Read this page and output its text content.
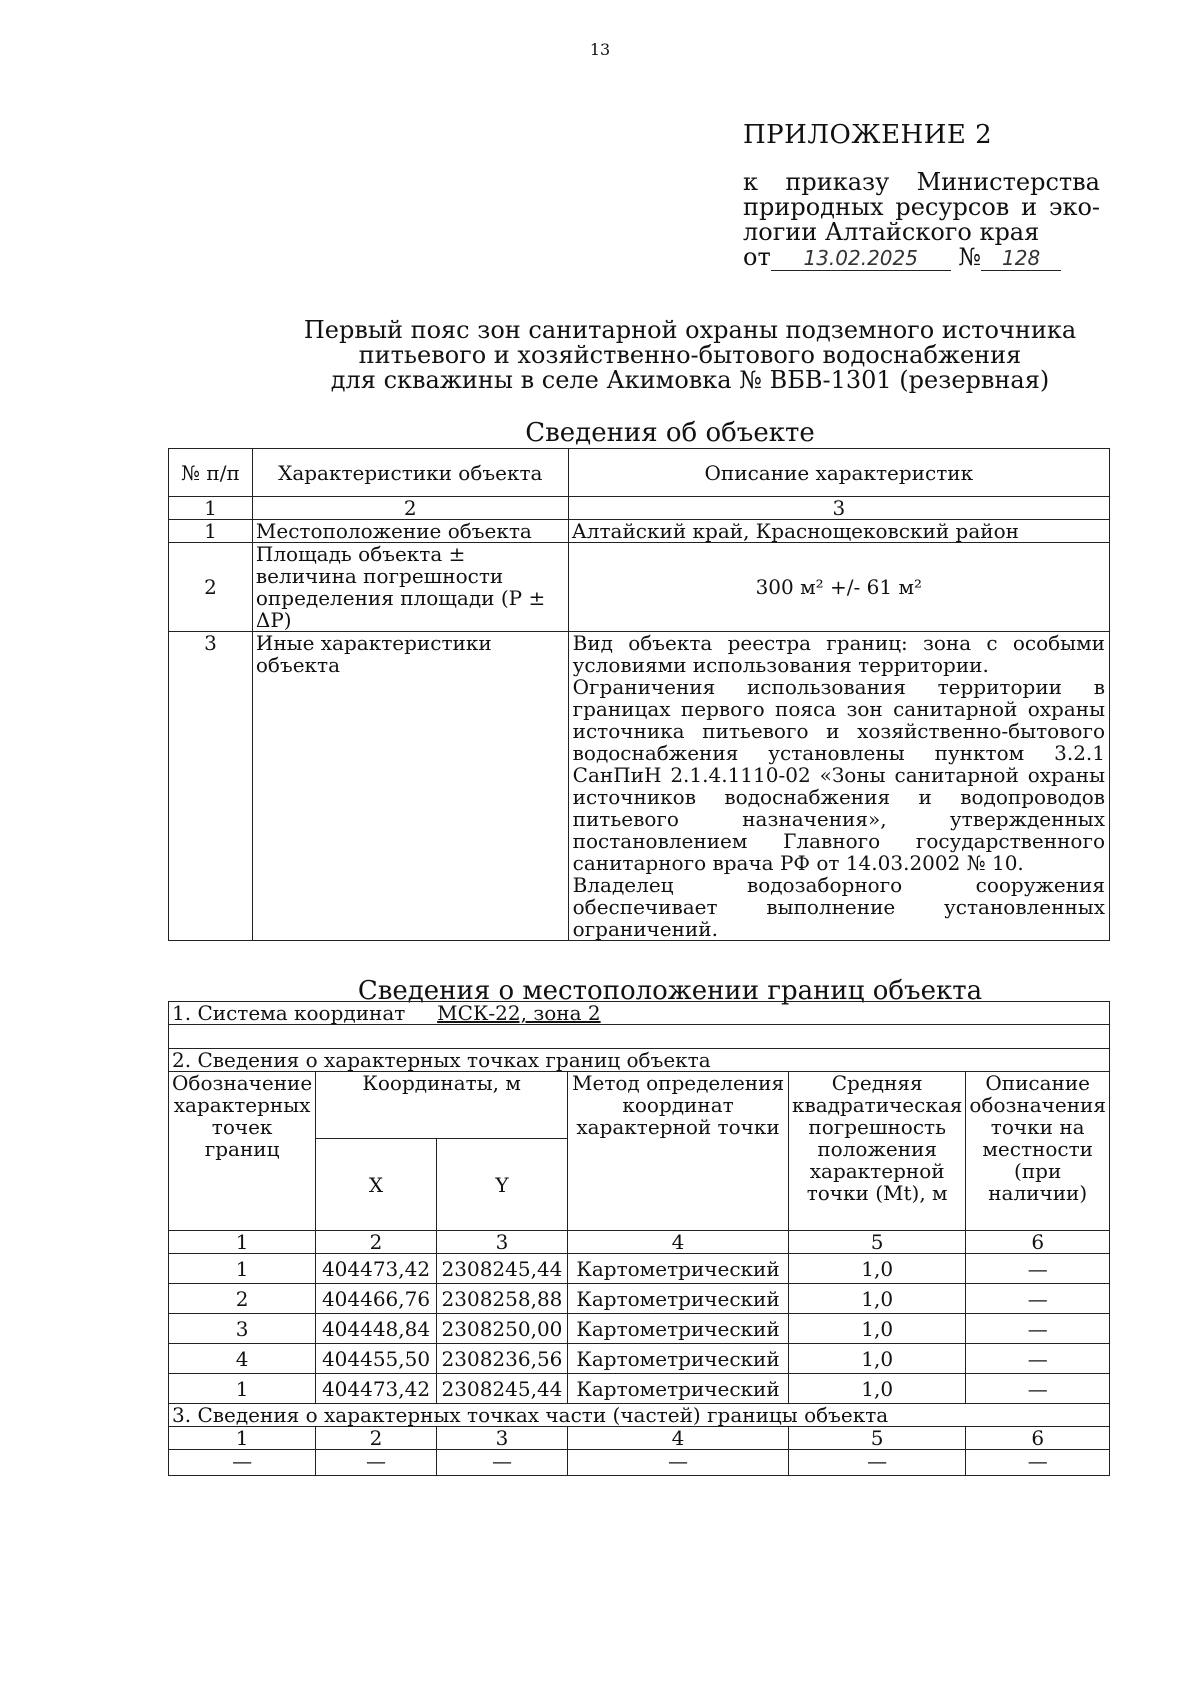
13
ПРИЛОЖЕНИЕ 2
к приказу Министерства
природных ресурсов и эко-
логии Алтайского края
от 13.02.2025 № 128
Первый пояс зон санитарной охраны подземного источника
питьевого и хозяйственно-бытового водоснабжения
для скважины в селе Акимовка № ВБВ-1301 (резервная)
Сведения об объекте
№ п/п	Характеристики объекта	Описание характеристик
1	2	3
1	Местоположение объекта	Алтайский край, Краснощековский район
2	Площадь объекта ± величина погрешности определения площади (P ± ΔP)	300 м² +/- 61 м²
3	Иные характеристики объекта	Вид объекта реестра границ: зона с особыми условиями использования территории.
Ограничения использования территории в границах первого пояса зон санитарной охраны источника питьевого и хозяйственно-бытового водоснабжения установлены пунктом 3.2.1 СанПиН 2.1.4.1110-02 «Зоны санитарной охраны источников водоснабжения и водопроводов питьевого назначения», утвержденных постановлением Главного государственного санитарного врача РФ от 14.03.2002 № 10.
Владелец водозаборного сооружения обеспечивает выполнение установленных ограничений.
Сведения о местоположении границ объекта
1. Система координат МСК-22, зона 2					

2. Сведения о характерных точках границ объекта					
Обозначение характерных точек границ	Координаты, м		Метод определения координат характерной точки	Средняя квадратическая погрешность положения характерной точки (Mt), м	Описание обозначения точки на местности (при наличии)
	X	Y			
1	2	3	4	5	6
1	404473,42	2308245,44	Картометрический	1,0	—
2	404466,76	2308258,88	Картометрический	1,0	—
3	404448,84	2308250,00	Картометрический	1,0	—
4	404455,50	2308236,56	Картометрический	1,0	—
1	404473,42	2308245,44	Картометрический	1,0	—
3. Сведения о характерных точках части (частей) границы объекта					
1	2	3	4	5	6
—	—	—	—	—	—
